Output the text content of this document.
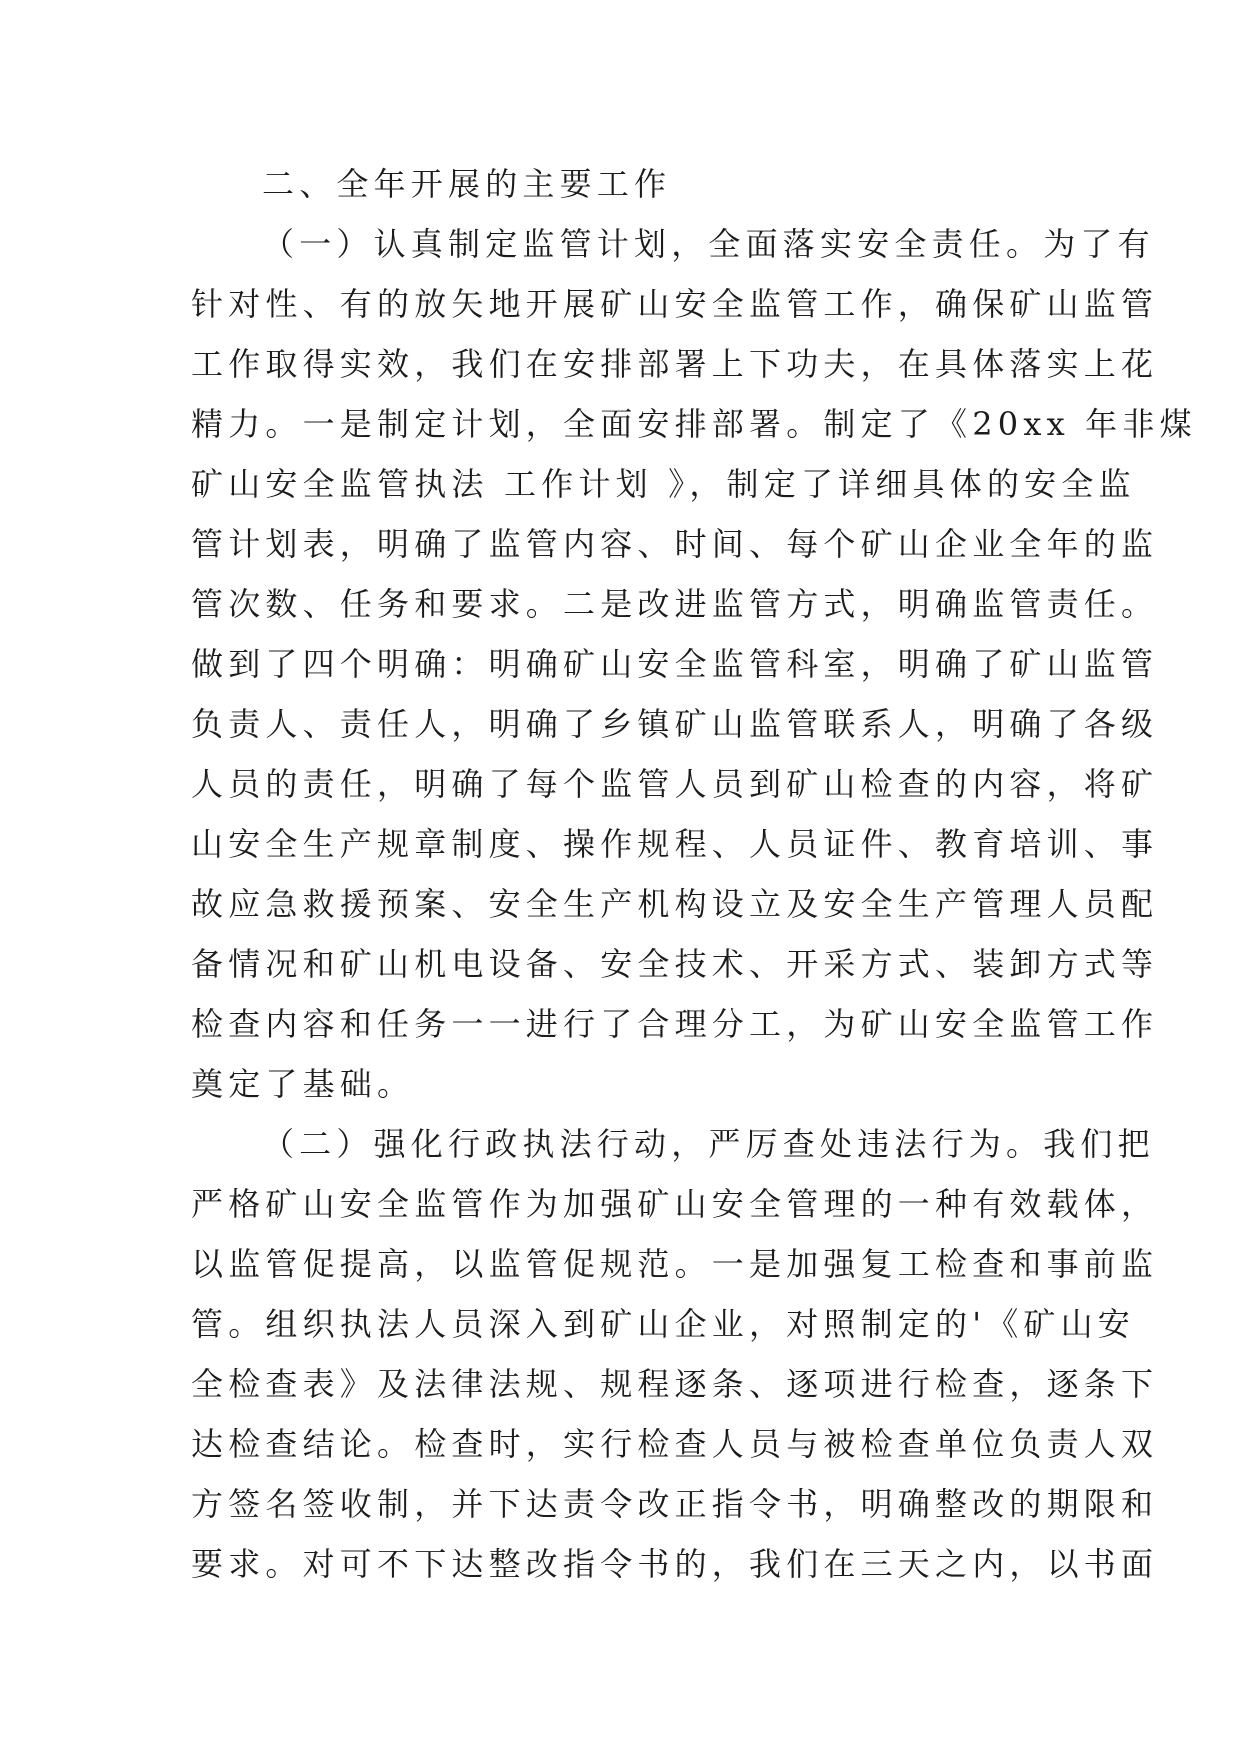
二、全年开展的主要工作
（一）认真制定监管计划，全面落实安全责任。为了有
针对性、有的放矢地开展矿山安全监管工作，确保矿山监管
工作取得实效，我们在安排部署上下功夫，在具体落实上花
精力。一是制定计划，全面安排部署。制定了《20xx 年非煤
矿山安全监管执法 工作计划 》，制定了详细具体的安全监
管计划表，明确了监管内容、时间、每个矿山企业全年的监
管次数、任务和要求。二是改进监管方式，明确监管责任。
做到了四个明确：明确矿山安全监管科室，明确了矿山监管
负责人、责任人，明确了乡镇矿山监管联系人，明确了各级
人员的责任，明确了每个监管人员到矿山检查的内容，将矿
山安全生产规章制度、操作规程、人员证件、教育培训、事
故应急救援预案、安全生产机构设立及安全生产管理人员配
备情况和矿山机电设备、安全技术、开采方式、装卸方式等
检查内容和任务一一进行了合理分工，为矿山安全监管工作
奠定了基础。
（二）强化行政执法行动，严厉查处违法行为。我们把
严格矿山安全监管作为加强矿山安全管理的一种有效载体，
以监管促提高，以监管促规范。一是加强复工检查和事前监
管。组织执法人员深入到矿山企业，对照制定的'《矿山安
全检查表》及法律法规、规程逐条、逐项进行检查，逐条下
达检查结论。检查时，实行检查人员与被检查单位负责人双
方签名签收制，并下达责令改正指令书，明确整改的期限和
要求。对可不下达整改指令书的，我们在三天之内，以书面
